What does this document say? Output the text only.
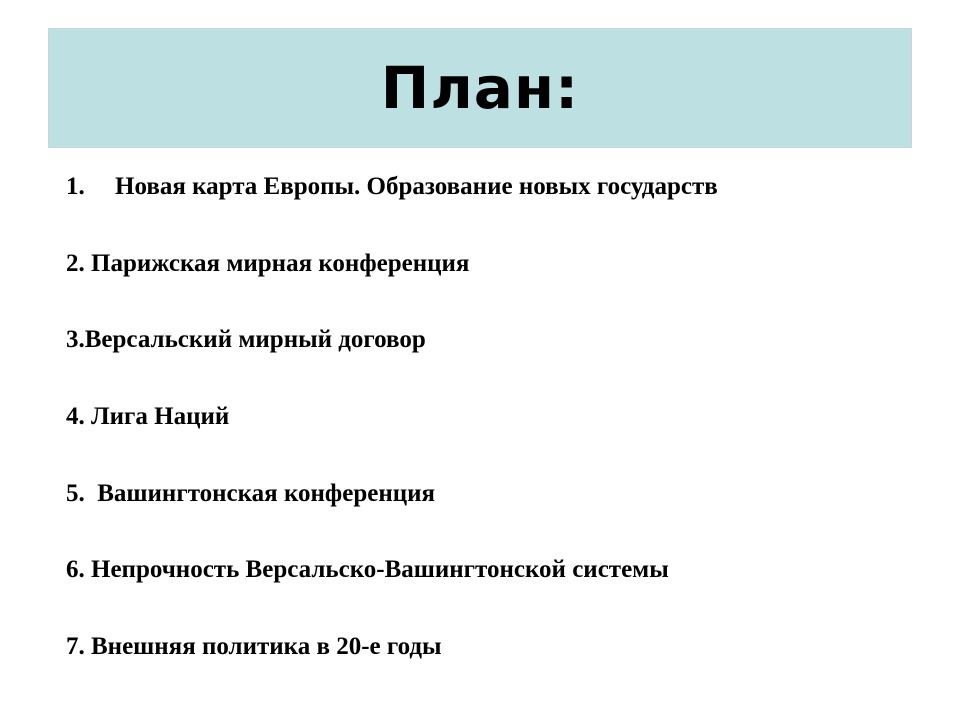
План:
1. Новая карта Европы. Образование новых государств
2. Парижская мирная конференция
3.Версальский мирный договор
4. Лига Наций
5.  Вашингтонская конференция
6. Непрочность Версальско-Вашингтонской системы
7. Внешняя политика в 20-е годы
